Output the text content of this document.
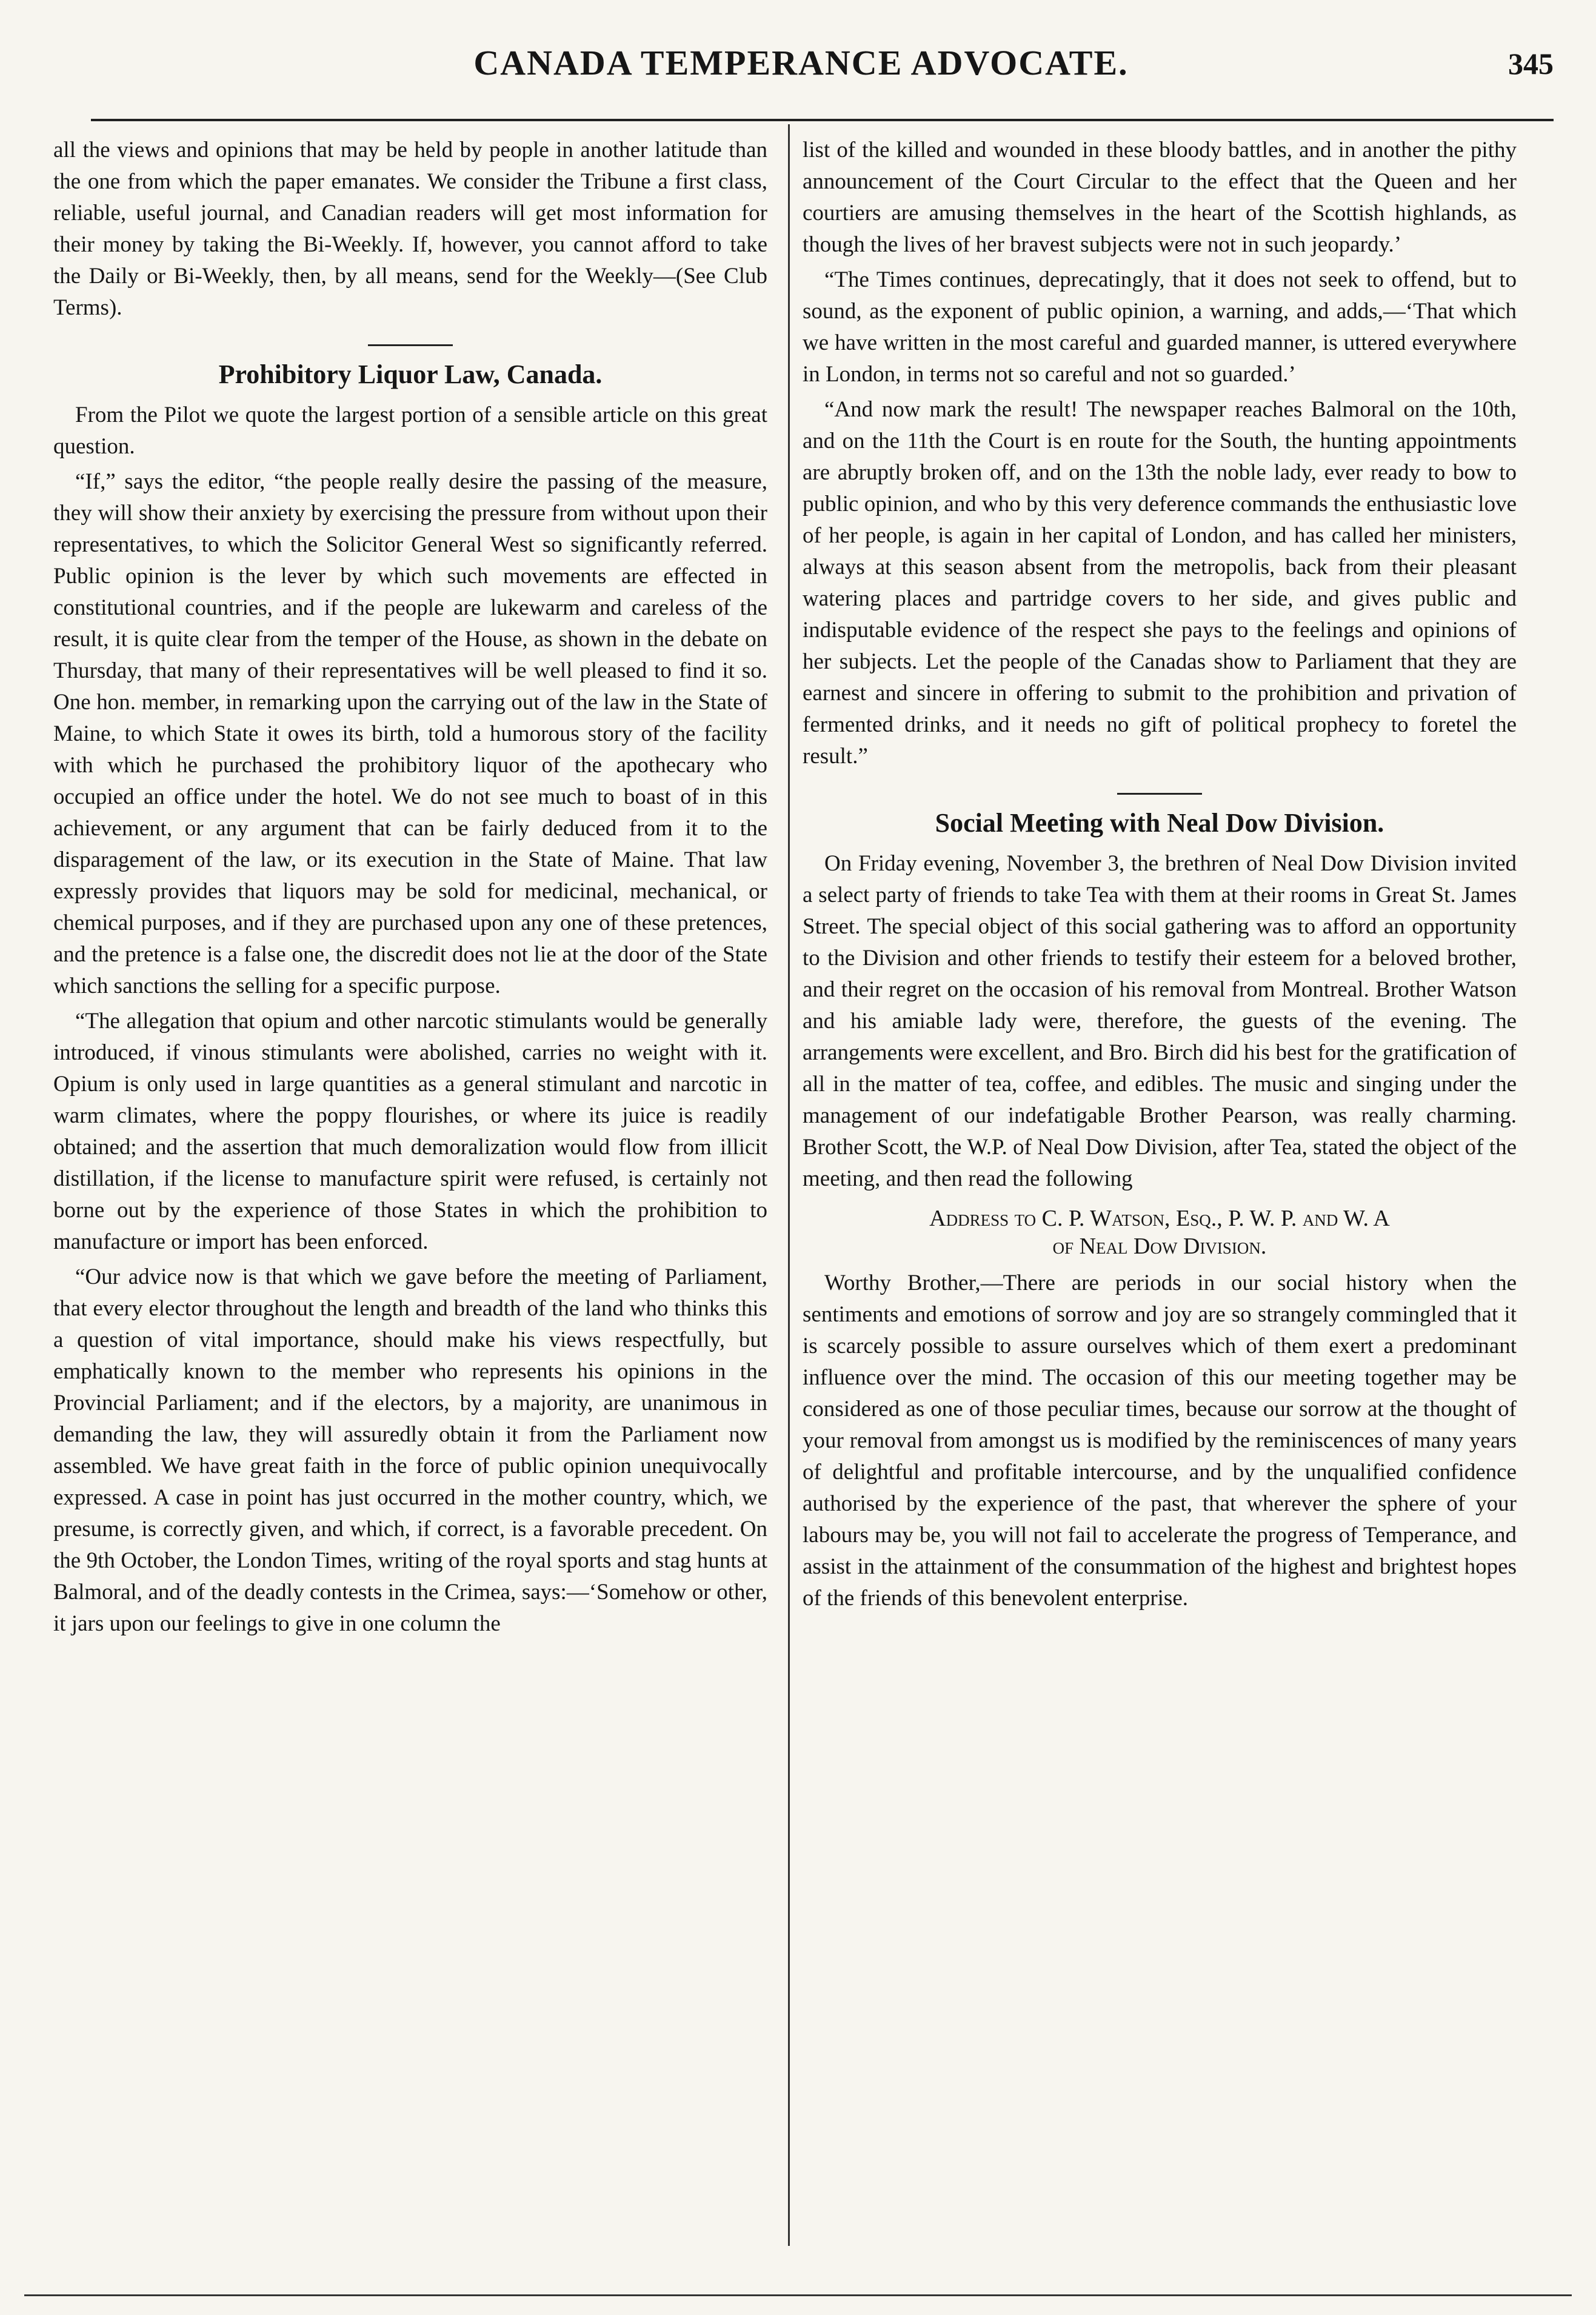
CANADA TEMPERANCE ADVOCATE.	345

all the views and opinions that may be held by people in another latitude than the one from which the paper emanates. We consider the Tribune a first class, reliable, useful journal, and Canadian readers will get most information for their money by taking the Bi-Weekly. If, however, you cannot afford to take the Daily or Bi-Weekly, then, by all means, send for the Weekly—(See Club Terms).

Prohibitory Liquor Law, Canada.

From the Pilot we quote the largest portion of a sensible article on this great question.

“If,” says the editor, “the people really desire the passing of the measure, they will show their anxiety by exercising the pressure from without upon their representatives, to which the Solicitor General West so significantly referred. Public opinion is the lever by which such movements are effected in constitutional countries, and if the people are lukewarm and careless of the result, it is quite clear from the temper of the House, as shown in the debate on Thursday, that many of their representatives will be well pleased to find it so. One hon. member, in remarking upon the carrying out of the law in the State of Maine, to which State it owes its birth, told a humorous story of the facility with which he purchased the prohibitory liquor of the apothecary who occupied an office under the hotel. We do not see much to boast of in this achievement, or any argument that can be fairly deduced from it to the disparagement of the law, or its execution in the State of Maine. That law expressly provides that liquors may be sold for medicinal, mechanical, or chemical purposes, and if they are purchased upon any one of these pretences, and the pretence is a false one, the discredit does not lie at the door of the State which sanctions the selling for a specific purpose.

“The allegation that opium and other narcotic stimulants would be generally introduced, if vinous stimulants were abolished, carries no weight with it. Opium is only used in large quantities as a general stimulant and narcotic in warm climates, where the poppy flourishes, or where its juice is readily obtained; and the assertion that much demoralization would flow from illicit distillation, if the license to manufacture spirit were refused, is certainly not borne out by the experience of those States in which the prohibition to manufacture or import has been enforced.

“Our advice now is that which we gave before the meeting of Parliament, that every elector throughout the length and breadth of the land who thinks this a question of vital importance, should make his views respectfully, but emphatically known to the member who represents his opinions in the Provincial Parliament; and if the electors, by a majority, are unanimous in demanding the law, they will assuredly obtain it from the Parliament now assembled. We have great faith in the force of public opinion unequivocally expressed. A case in point has just occurred in the mother country, which, we presume, is correctly given, and which, if correct, is a favorable precedent. On the 9th October, the London Times, writing of the royal sports and stag hunts at Balmoral, and of the deadly contests in the Crimea, says:—‘Somehow or other, it jars upon our feelings to give in one column the

list of the killed and wounded in these bloody battles, and in another the pithy announcement of the Court Circular to the effect that the Queen and her courtiers are amusing themselves in the heart of the Scottish highlands, as though the lives of her bravest subjects were not in such jeopardy.’

“The Times continues, deprecatingly, that it does not seek to offend, but to sound, as the exponent of public opinion, a warning, and adds,—‘That which we have written in the most careful and guarded manner, is uttered everywhere in London, in terms not so careful and not so guarded.’

“And now mark the result! The newspaper reaches Balmoral on the 10th, and on the 11th the Court is en route for the South, the hunting appointments are abruptly broken off, and on the 13th the noble lady, ever ready to bow to public opinion, and who by this very deference commands the enthusiastic love of her people, is again in her capital of London, and has called her ministers, always at this season absent from the metropolis, back from their pleasant watering places and partridge covers to her side, and gives public and indisputable evidence of the respect she pays to the feelings and opinions of her subjects. Let the people of the Canadas show to Parliament that they are earnest and sincere in offering to submit to the prohibition and privation of fermented drinks, and it needs no gift of political prophecy to foretel the result.”

Social Meeting with Neal Dow Division.

On Friday evening, November 3, the brethren of Neal Dow Division invited a select party of friends to take Tea with them at their rooms in Great St. James Street. The special object of this social gathering was to afford an opportunity to the Division and other friends to testify their esteem for a beloved brother, and their regret on the occasion of his removal from Montreal. Brother Watson and his amiable lady were, therefore, the guests of the evening. The arrangements were excellent, and Bro. Birch did his best for the gratification of all in the matter of tea, coffee, and edibles. The music and singing under the management of our indefatigable Brother Pearson, was really charming. Brother Scott, the W.P. of Neal Dow Division, after Tea, stated the object of the meeting, and then read the following

Address to C. P. Watson, Esq., P. W. P. and W. A
of Neal Dow Division.

Worthy Brother,—There are periods in our social history when the sentiments and emotions of sorrow and joy are so strangely commingled that it is scarcely possible to assure ourselves which of them exert a predominant influence over the mind. The occasion of this our meeting together may be considered as one of those peculiar times, because our sorrow at the thought of your removal from amongst us is modified by the reminiscences of many years of delightful and profitable intercourse, and by the unqualified confidence authorised by the experience of the past, that wherever the sphere of your labours may be, you will not fail to accelerate the progress of Temperance, and assist in the attainment of the consummation of the highest and brightest hopes of the friends of this benevolent enterprise.
